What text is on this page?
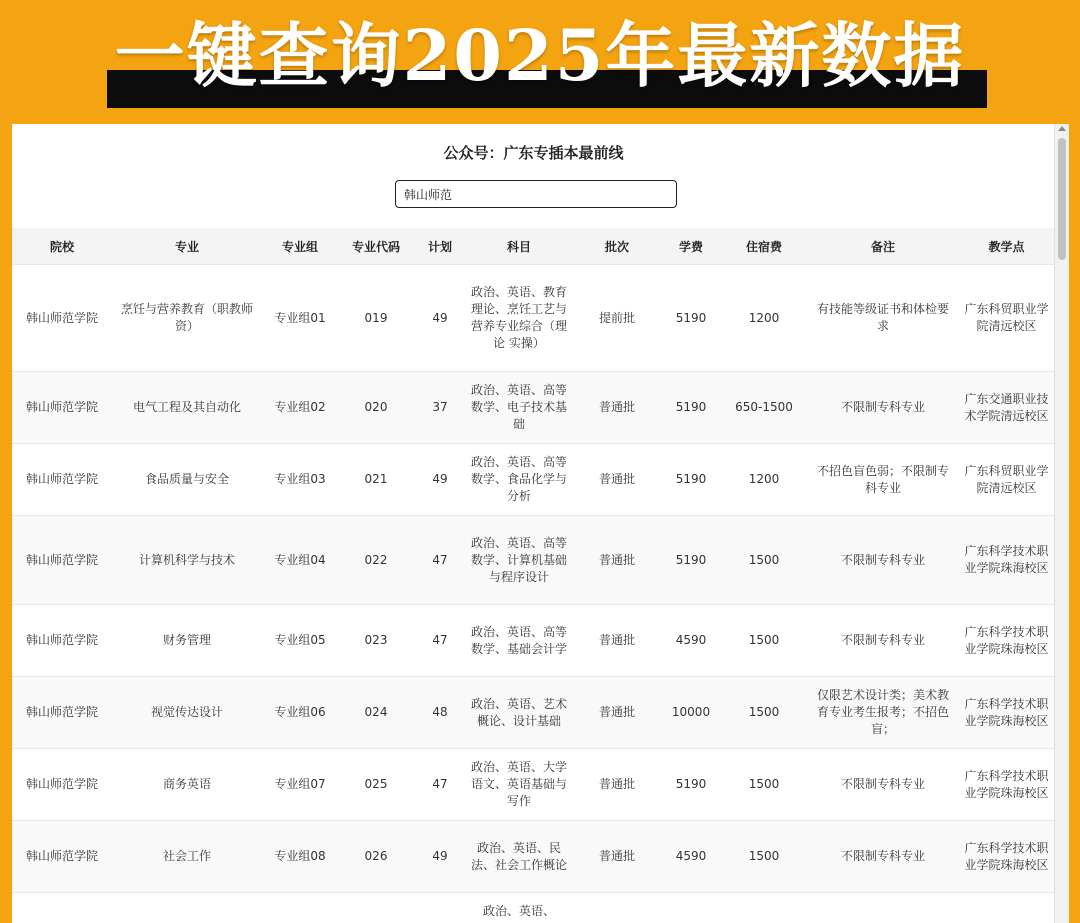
一键查询2025年最新数据
公众号：广东专插本最前线
韩山师范
院校	专业	专业组	专业代码	计划	科目	批次	学费	住宿费	备注	教学点
韩山师范学院	烹饪与营养教育（职教师资）	专业组01	019	49	政治、英语、教育理论、烹饪工艺与营养专业综合（理论 实操）	提前批	5190	1200	有技能等级证书和体检要求	广东科贸职业学院清远校区
韩山师范学院	电气工程及其自动化	专业组02	020	37	政治、英语、高等数学、电子技术基础	普通批	5190	650-1500	不限制专科专业	广东交通职业技术学院清远校区
韩山师范学院	食品质量与安全	专业组03	021	49	政治、英语、高等数学、食品化学与分析	普通批	5190	1200	不招色盲色弱；不限制专科专业	广东科贸职业学院清远校区
韩山师范学院	计算机科学与技术	专业组04	022	47	政治、英语、高等数学、计算机基础与程序设计	普通批	5190	1500	不限制专科专业	广东科学技术职业学院珠海校区
韩山师范学院	财务管理	专业组05	023	47	政治、英语、高等数学、基础会计学	普通批	4590	1500	不限制专科专业	广东科学技术职业学院珠海校区
韩山师范学院	视觉传达设计	专业组06	024	48	政治、英语、艺术概论、设计基础	普通批	10000	1500	仅限艺术设计类；美术教育专业考生报考；不招色盲；	广东科学技术职业学院珠海校区
韩山师范学院	商务英语	专业组07	025	47	政治、英语、大学语文、英语基础与写作	普通批	5190	1500	不限制专科专业	广东科学技术职业学院珠海校区
韩山师范学院	社会工作	专业组08	026	49	政治、英语、民法、社会工作概论	普通批	4590	1500	不限制专科专业	广东科学技术职业学院珠海校区
					政治、英语、					
